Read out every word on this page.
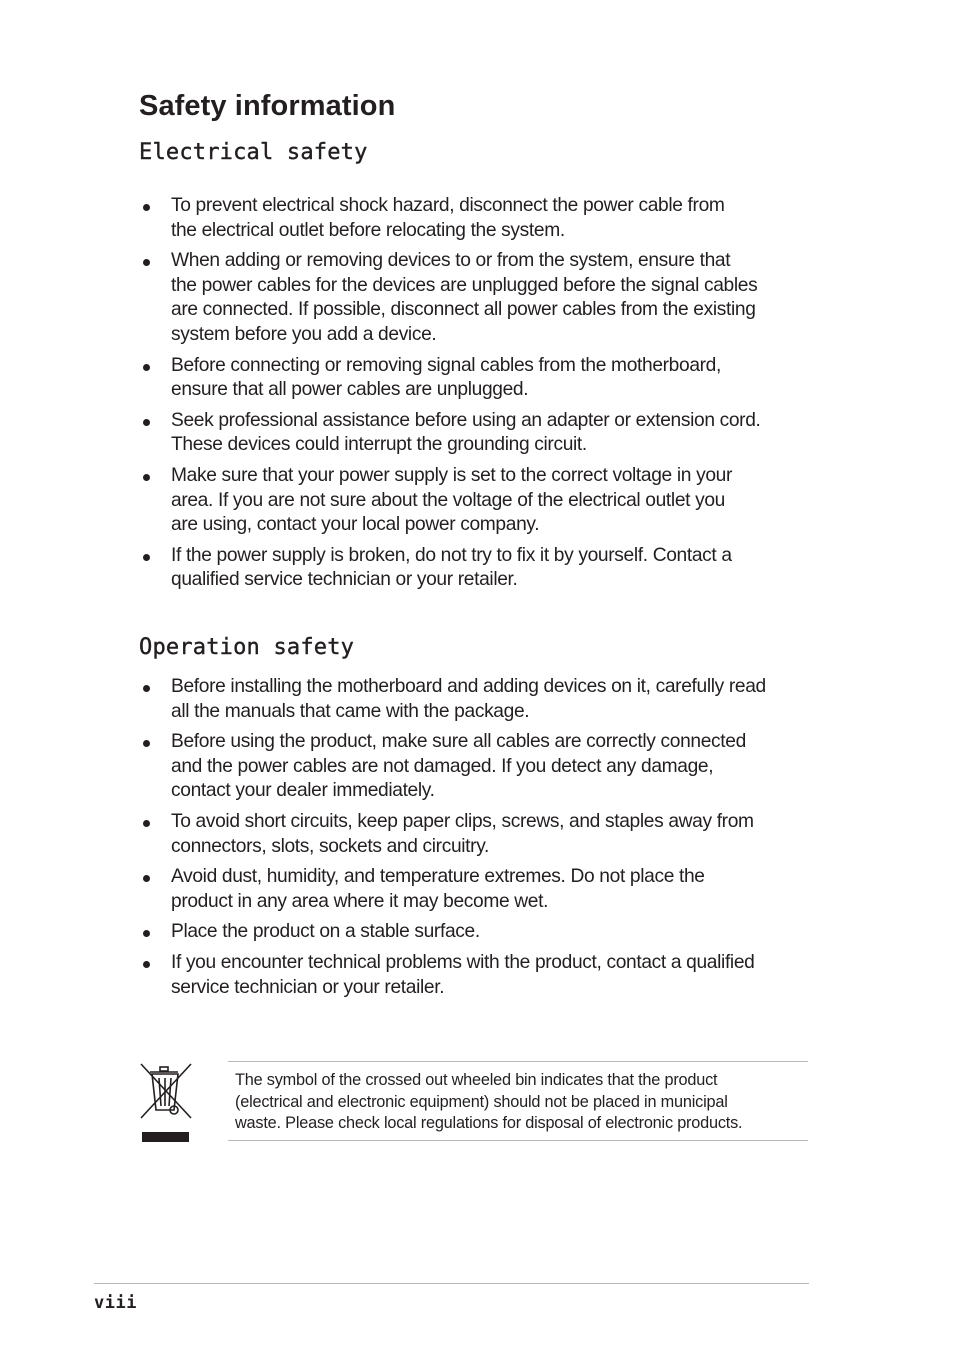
Safety information
Electrical safety
To prevent electrical shock hazard, disconnect the power cable from
the electrical outlet before relocating the system.
When adding or removing devices to or from the system, ensure that
the power cables for the devices are unplugged before the signal cables
are connected. If possible, disconnect all power cables from the existing
system before you add a device.
Before connecting or removing signal cables from the motherboard,
ensure that all power cables are unplugged.
Seek professional assistance before using an adapter or extension cord.
These devices could interrupt the grounding circuit.
Make sure that your power supply is set to the correct voltage in your
area. If you are not sure about the voltage of the electrical outlet you
are using, contact your local power company.
If the power supply is broken, do not try to fix it by yourself. Contact a
qualified service technician or your retailer.
Operation safety
Before installing the motherboard and adding devices on it, carefully read
all the manuals that came with the package.
Before using the product, make sure all cables are correctly connected
and the power cables are not damaged. If you detect any damage,
contact your dealer immediately.
To avoid short circuits, keep paper clips, screws, and staples away from
connectors, slots, sockets and circuitry.
Avoid dust, humidity, and temperature extremes. Do not place the
product in any area where it may become wet.
Place the product on a stable surface.
If you encounter technical problems with the product, contact a qualified
service technician or your retailer.

The symbol of the crossed out wheeled bin indicates that the product
(electrical and electronic equipment) should not be placed in municipal
waste. Please check local regulations for disposal of electronic products.

viii
